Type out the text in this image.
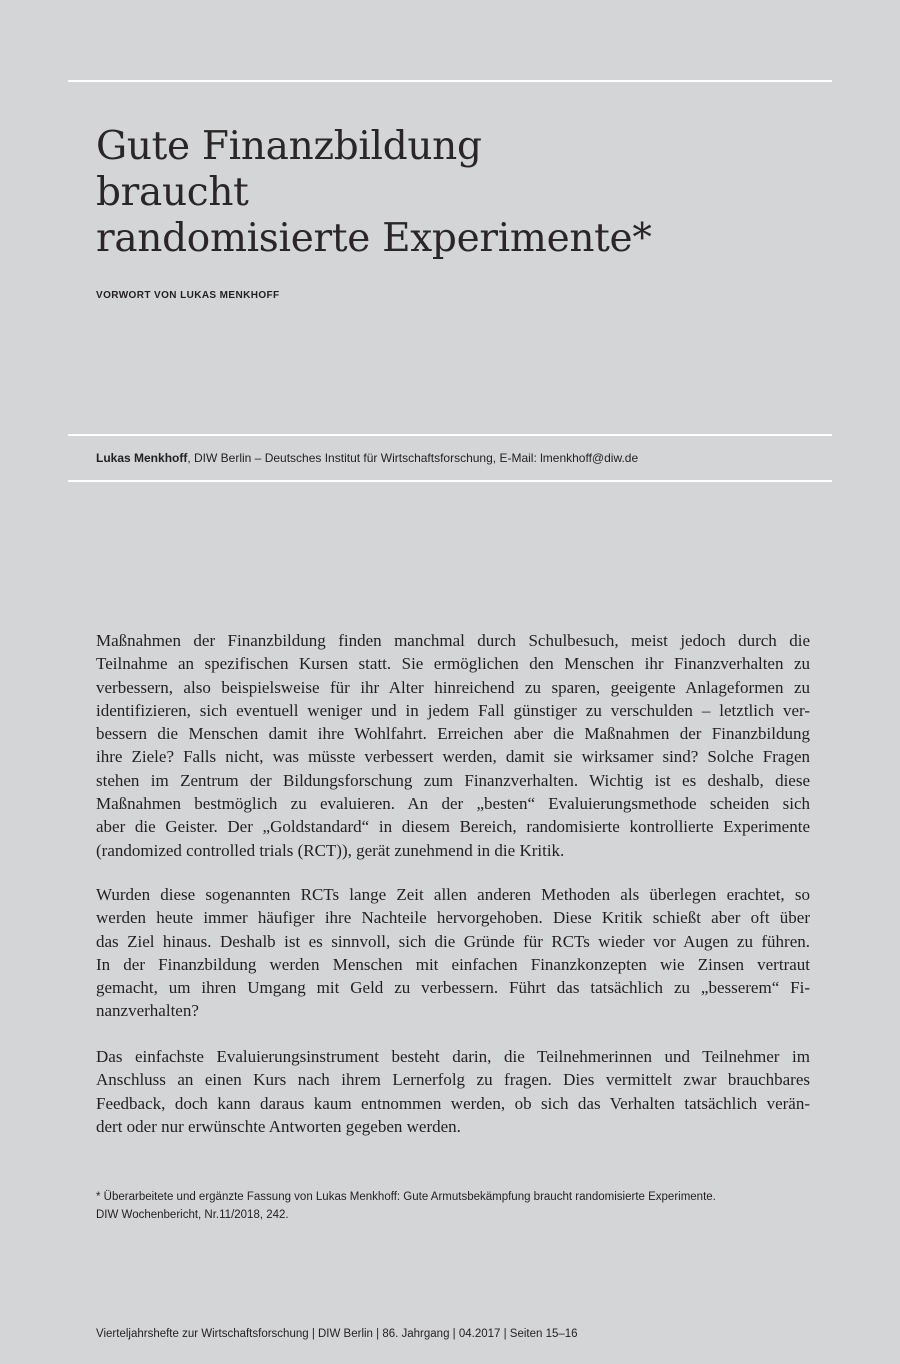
Gute Finanzbildung
braucht
randomisierte Experimente*
VORWORT VON LUKAS MENKHOFF
Lukas Menkhoff, DIW Berlin – Deutsches Institut für Wirtschaftsforschung, E-Mail: lmenkhoff@diw.de
Maßnahmen der Finanzbildung finden manchmal durch Schulbesuch, meist jedoch durch die
Teilnahme an spezifischen Kursen statt. Sie ermöglichen den Menschen ihr Finanzverhalten zu
verbessern, also beispielsweise für ihr Alter hinreichend zu sparen, geeigente Anlageformen zu
identifizieren, sich eventuell weniger und in jedem Fall günstiger zu verschulden – letztlich ver-
bessern die Menschen damit ihre Wohlfahrt. Erreichen aber die Maßnahmen der Finanzbildung
ihre Ziele? Falls nicht, was müsste verbessert werden, damit sie wirksamer sind? Solche Fragen
stehen im Zentrum der Bildungsforschung zum Finanzverhalten. Wichtig ist es deshalb, diese
Maßnahmen bestmöglich zu evaluieren. An der „besten“ Evaluierungsmethode scheiden sich
aber die Geister. Der „Goldstandard“ in diesem Bereich, randomisierte kontrollierte Experimente
(randomized controlled trials (RCT)), gerät zunehmend in die Kritik.
Wurden diese sogenannten RCTs lange Zeit allen anderen Methoden als überlegen erachtet, so
werden heute immer häufiger ihre Nachteile hervorgehoben. Diese Kritik schießt aber oft über
das Ziel hinaus. Deshalb ist es sinnvoll, sich die Gründe für RCTs wieder vor Augen zu führen.
In der Finanzbildung werden Menschen mit einfachen Finanzkonzepten wie Zinsen vertraut
gemacht, um ihren Umgang mit Geld zu verbessern. Führt das tatsächlich zu „besserem“ Fi-
nanzverhalten?
Das einfachste Evaluierungsinstrument besteht darin, die Teilnehmerinnen und Teilnehmer im
Anschluss an einen Kurs nach ihrem Lernerfolg zu fragen. Dies vermittelt zwar brauchbares
Feedback, doch kann daraus kaum entnommen werden, ob sich das Verhalten tatsächlich verän-
dert oder nur erwünschte Antworten gegeben werden.
* Überarbeitete und ergänzte Fassung von Lukas Menkhoff: Gute Armutsbekämpfung braucht randomisierte Experimente.
DIW Wochenbericht, Nr.11/2018, 242.
Vierteljahrshefte zur Wirtschaftsforschung | DIW Berlin | 86. Jahrgang | 04.2017 | Seiten 15–16
